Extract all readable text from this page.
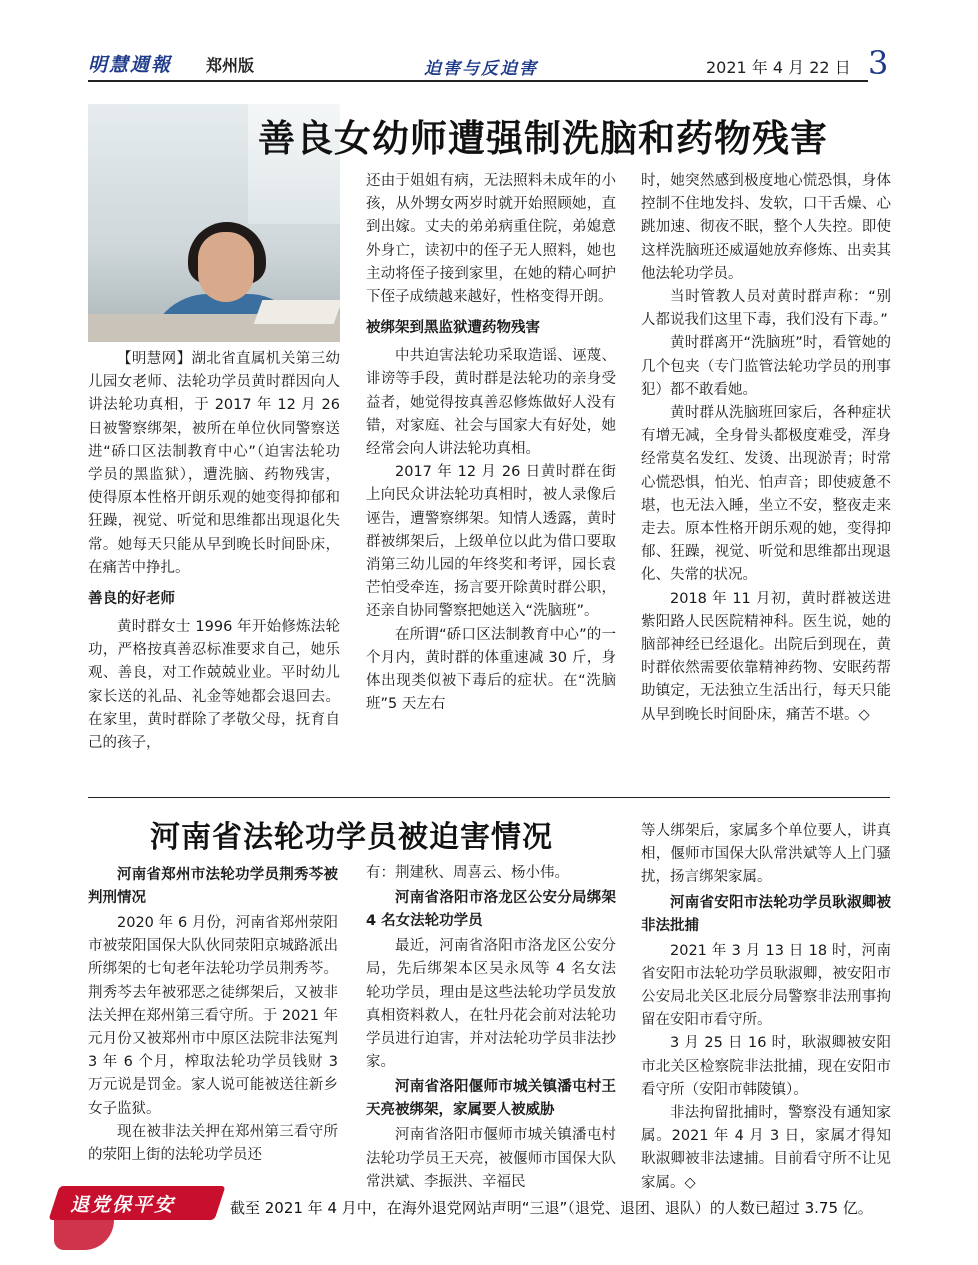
明慧週報 郑州版	迫害与反迫害	2021 年 4 月 22 日 3
善良女幼师遭强制洗脑和药物残害

【明慧网】湖北省直属机关第三幼儿园女老师、法轮功学员黄时群因向人讲法轮功真相，于 2017 年 12 月 26 日被警察绑架，被所在单位伙同警察送进“硚口区法制教育中心”（迫害法轮功学员的黑监狱），遭洗脑、药物残害，使得原本性格开朗乐观的她变得抑郁和狂躁，视觉、听觉和思维都出现退化失常。她每天只能从早到晚长时间卧床，在痛苦中挣扎。

善良的好老师

黄时群女士 1996 年开始修炼法轮功，严格按真善忍标准要求自己，她乐观、善良，对工作兢兢业业。平时幼儿家长送的礼品、礼金等她都会退回去。在家里，黄时群除了孝敬父母，抚育自己的孩子，

还由于姐姐有病，无法照料未成年的小孩，从外甥女两岁时就开始照顾她，直到出嫁。丈夫的弟弟病重住院，弟媳意外身亡，读初中的侄子无人照料，她也主动将侄子接到家里，在她的精心呵护下侄子成绩越来越好，性格变得开朗。

被绑架到黑监狱遭药物残害

中共迫害法轮功采取造谣、诬蔑、诽谤等手段，黄时群是法轮功的亲身受益者，她觉得按真善忍修炼做好人没有错，对家庭、社会与国家大有好处，她经常会向人讲法轮功真相。

2017 年 12 月 26 日黄时群在街上向民众讲法轮功真相时，被人录像后诬告，遭警察绑架。知情人透露，黄时群被绑架后，上级单位以此为借口要取消第三幼儿园的年终奖和考评，园长袁芒怕受牵连，扬言要开除黄时群公职，还亲自协同警察把她送入“洗脑班”。

在所谓“硚口区法制教育中心”的一个月内，黄时群的体重速减 30 斤，身体出现类似被下毒后的症状。在“洗脑班”5 天左右

时，她突然感到极度地心慌恐惧，身体控制不住地发抖、发软，口干舌燥、心跳加速、彻夜不眠，整个人失控。即使这样洗脑班还威逼她放弃修炼、出卖其他法轮功学员。

当时管教人员对黄时群声称：“别人都说我们这里下毒，我们没有下毒。”

黄时群离开“洗脑班”时，看管她的几个包夹（专门监管法轮功学员的刑事犯）都不敢看她。

黄时群从洗脑班回家后，各种症状有增无减，全身骨头都极度难受，浑身经常莫名发红、发烫、出现淤青；时常心慌恐惧，怕光、怕声音；即使疲惫不堪，也无法入睡，坐立不安，整夜走来走去。原本性格开朗乐观的她，变得抑郁、狂躁，视觉、听觉和思维都出现退化、失常的状况。

2018 年 11 月初，黄时群被送进紫阳路人民医院精神科。医生说，她的脑部神经已经退化。出院后到现在，黄时群依然需要依靠精神药物、安眠药帮助镇定，无法独立生活出行，每天只能从早到晚长时间卧床，痛苦不堪。◇

河南省法轮功学员被迫害情况
河南省郑州市法轮功学员荆秀芩被判刑情况

2020 年 6 月份，河南省郑州荥阳市被荥阳国保大队伙同荥阳京城路派出所绑架的七旬老年法轮功学员荆秀芩。荆秀芩去年被邪恶之徒绑架后，又被非法关押在郑州第三看守所。于 2021 年元月份又被郑州市中原区法院非法冤判 3 年 6 个月，榨取法轮功学员钱财 3 万元说是罚金。家人说可能被送往新乡女子监狱。

现在被非法关押在郑州第三看守所的荥阳上街的法轮功学员还

有：荆建秋、周喜云、杨小伟。

河南省洛阳市洛龙区公安分局绑架 4 名女法轮功学员

最近，河南省洛阳市洛龙区公安分局，先后绑架本区吴永凤等 4 名女法轮功学员，理由是这些法轮功学员发放真相资料救人，在牡丹花会前对法轮功学员进行迫害，并对法轮功学员非法抄家。

河南省洛阳偃师市城关镇潘屯村王天亮被绑架，家属要人被威胁

河南省洛阳市偃师市城关镇潘屯村法轮功学员王天亮，被偃师市国保大队常洪斌、李振洪、辛福民

等人绑架后，家属多个单位要人，讲真相，偃师市国保大队常洪斌等人上门骚扰，扬言绑架家属。

河南省安阳市法轮功学员耿淑卿被非法批捕

2021 年 3 月 13 日 18 时，河南省安阳市法轮功学员耿淑卿，被安阳市公安局北关区北辰分局警察非法刑事拘留在安阳市看守所。

3 月 25 日 16 时，耿淑卿被安阳市北关区检察院非法批捕，现在安阳市看守所（安阳市韩陵镇）。

非法拘留批捕时，警察没有通知家属。2021 年 4 月 3 日，家属才得知耿淑卿被非法逮捕。目前看守所不让见家属。◇

退党保平安	截至 2021 年 4 月中，在海外退党网站声明“三退”（退党、退团、退队）的人数已超过 3.75 亿。
